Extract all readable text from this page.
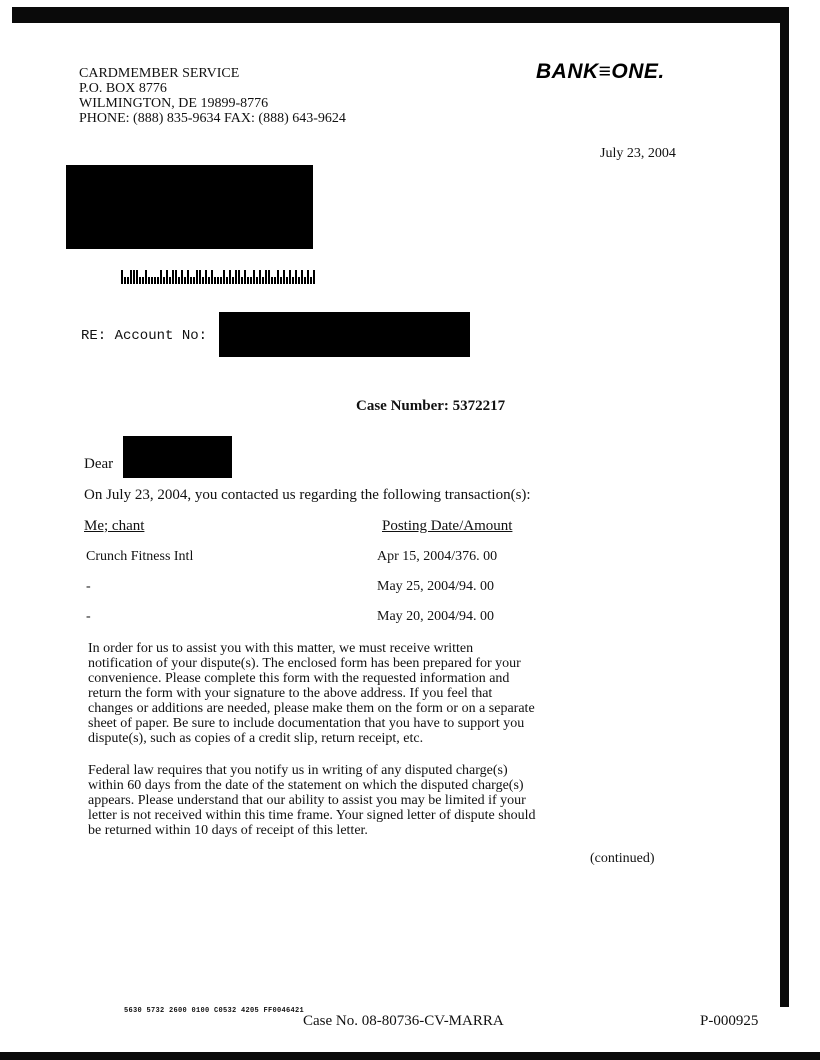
CARDMEMBER SERVICE
P.O. BOX 8776
WILMINGTON, DE 19899-8776
PHONE: (888) 835-9634 FAX: (888) 643-9624
BANK≡ONE.
July 23, 2004
RE: Account No:
Case Number: 5372217
Dear
On July 23, 2004, you contacted us regarding the following transaction(s):
Me; chant	Posting Date/Amount
Crunch Fitness Intl	Apr 15, 2004/376. 00
-	May 25, 2004/94. 00
-	May 20, 2004/94. 00
In order for us to assist you with this matter, we must receive written
notification of your dispute(s). The enclosed form has been prepared for your
convenience. Please complete this form with the requested information and
return the form with your signature to the above address. If you feel that
changes or additions are needed, please make them on the form or on a separate
sheet of paper. Be sure to include documentation that you have to support you
dispute(s), such as copies of a credit slip, return receipt, etc.
Federal law requires that you notify us in writing of any disputed charge(s)
within 60 days from the date of the statement on which the disputed charge(s)
appears. Please understand that our ability to assist you may be limited if your
letter is not received within this time frame. Your signed letter of dispute should
be returned within 10 days of receipt of this letter.
(continued)
5630 5732 2600 0100 C0532 4205 FF0046421
Case No. 08-80736-CV-MARRA	P-000925
